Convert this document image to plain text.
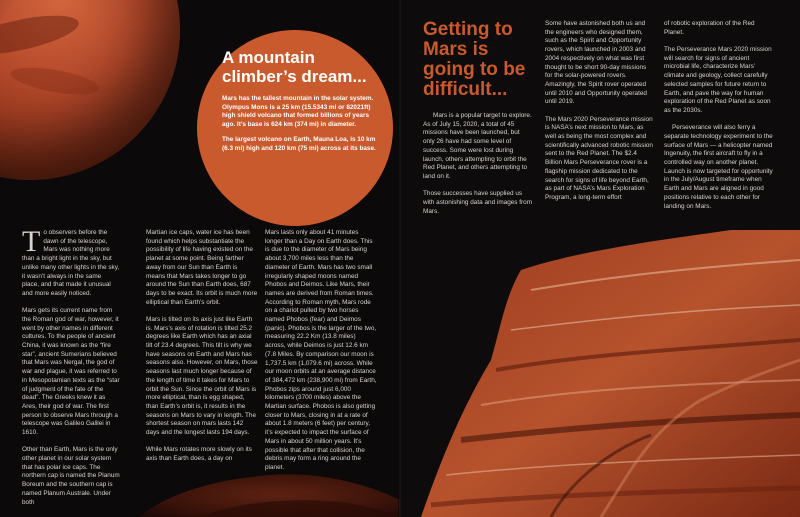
A mountain climber’s dream...

Mars has the tallest mountain in the solar system. Olympus Mons is a 25 km (15.5343 mi or 82021ft) high shield volcano that formed billions of years ago. It’s base is 624 km (374 mi) in diameter.

The largest volcano on Earth, Mauna Loa, is 10 km (6.3 mi) high and 120 km (75 mi) across at its base.

To observers before the dawn of the telescope, Mars was nothing more than a bright light in the sky, but unlike many other lights in the sky, it wasn’t always in the same place, and that made it unusual and more easily noticed.

Mars gets its current name from the Roman god of war, however, it went by other names in different cultures. To the people of ancient China, it was known as the “fire star”, ancient Sumerians believed that Mars was Nergal, the god of war and plague, it was referred to in Mesopotamian texts as the “star of judgment of the fate of the dead”. The Greeks knew it as Ares, their god of war. The first person to observe Mars through a telescope was Galileo Galilei in 1610.

Other than Earth, Mars is the only other planet in our solar system that has polar ice caps. The northern cap is named the Planum Boreum and the southern cap is named Planum Australe. Under both

Martian ice caps, water ice has been found which helps substantiate the possibility of life having existed on the planet at some point. Being farther away from our Sun than Earth is means that Mars takes longer to go around the Sun than Earth does, 687 days to be exact. Its orbit is much more elliptical than Earth’s orbit.

Mars is tilted on its axis just like Earth is. Mars’s axis of rotation is tilted 25.2 degrees like Earth which has an axial tilt of 23.4 degrees. This tilt is why we have seasons on Earth and Mars has seasons also. However, on Mars, those seasons last much longer because of the length of time it takes for Mars to orbit the Sun. Since the orbit of Mars is more elliptical, than is egg shaped, than Earth’s orbit is, it results in the seasons on Mars to vary in length. The shortest season on mars lasts 142 days and the longest lasts 194 days.

While Mars rotates more slowly on its axis than Earth does, a day on

Mars lasts only about 41 minutes longer than a Day on Earth does. This is due to the diameter of Mars being about 3,700 miles less than the diameter of Earth. Mars has two small irregularly shaped moons named Phobos and Deimos. Like Mars, their names are derived from Roman times. According to Roman myth, Mars rode on a chariot pulled by two horses named Phobos (fear) and Deimos (panic). Phobos is the larger of the two, measuring 22.2 Km (13.8 miles) across, while Deimos is just 12.6 km (7.8 Miles. By comparison our moon is 1,737.5 km (1,079.6 mi) across. While our moon orbits at an average distance of 384,472 km (238,900 mi) from Earth, Phobos zips around just 6,000 kilometers (3700 miles) above the Martian surface. Phobos is also getting closer to Mars, closing in at a rate of about 1.8 meters (6 feet) per century, it’s expected to impact the surface of Mars in about 50 million years. It’s possible that after that collision, the debris may form a ring around the planet.

Getting to Mars is going to be difficult...

Mars is a popular target to explore. As of July 15, 2020, a total of 45 missions have been launched, but only 26 have had some level of success. Some were lost during launch, others attempting to orbit the Red Planet, and others attempting to land on it.

Those successes have supplied us with astonishing data and images from Mars.

Some have astonished both us and the engineers who designed them, such as the Spirit and Opportunity rovers, which launched in 2003 and 2004 respectively on what was first thought to be short 90-day missions for the solar-powered rovers. Amazingly, the Spirit rover operated until 2010 and Opportunity operated until 2019.

The Mars 2020 Perseverance mission is NASA’s next mission to Mars, as well as being the most complex and scientifically advanced robotic mission sent to the Red Planet. The $2.4 Billion Mars Perseverance rover is a flagship mission dedicated to the search for signs of life beyond Earth, as part of NASA’s Mars Exploration Program, a long-term effort

of robotic exploration of the Red Planet.

The Perseverance Mars 2020 mission will search for signs of ancient microbial life, characterize Mars’ climate and geology, collect carefully selected samples for future return to Earth, and pave the way for human exploration of the Red Planet as soon as the 2030s.

Perseverance will also ferry a separate technology experiment to the surface of Mars — a helicopter named Ingenuity, the first aircraft to fly in a controlled way on another planet. Launch is now targeted for opportunity in the July/August timeframe when Earth and Mars are aligned in good positions relative to each other for landing on Mars.
